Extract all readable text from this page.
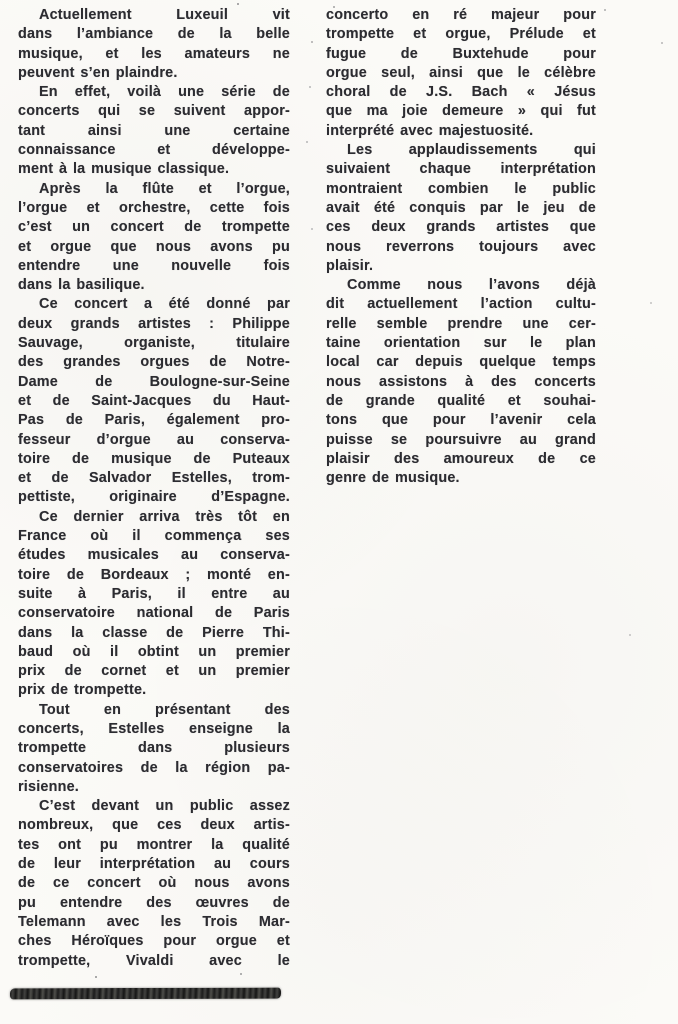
Actuellement Luxeuil vit
dans l’ambiance de la belle
musique, et les amateurs ne
peuvent s’en plaindre.
En effet, voilà une série de
concerts qui se suivent appor-
tant ainsi une certaine
connaissance et développe-
ment à la musique classique.
Après la flûte et l’orgue,
l’orgue et orchestre, cette fois
c’est un concert de trompette
et orgue que nous avons pu
entendre une nouvelle fois
dans la basilique.
Ce concert a été donné par
deux grands artistes : Philippe
Sauvage, organiste, titulaire
des grandes orgues de Notre-
Dame de Boulogne-sur-Seine
et de Saint-Jacques du Haut-
Pas de Paris, également pro-
fesseur d’orgue au conserva-
toire de musique de Puteaux
et de Salvador Estelles, trom-
pettiste, originaire d’Espagne.
Ce dernier arriva très tôt en
France où il commença ses
études musicales au conserva-
toire de Bordeaux ; monté en-
suite à Paris, il entre au
conservatoire national de Paris
dans la classe de Pierre Thi-
baud où il obtint un premier
prix de cornet et un premier
prix de trompette.
Tout en présentant des
concerts, Estelles enseigne la
trompette dans plusieurs
conservatoires de la région pa-
risienne.
C’est devant un public assez
nombreux, que ces deux artis-
tes ont pu montrer la qualité
de leur interprétation au cours
de ce concert où nous avons
pu entendre des œuvres de
Telemann avec les Trois Mar-
ches Héroïques pour orgue et
trompette, Vivaldi avec le
concerto en ré majeur pour
trompette et orgue, Prélude et
fugue de Buxtehude pour
orgue seul, ainsi que le célèbre
choral de J.S. Bach « Jésus
que ma joie demeure » qui fut
interprété avec majestuosité.
Les applaudissements qui
suivaient chaque interprétation
montraient combien le public
avait été conquis par le jeu de
ces deux grands artistes que
nous reverrons toujours avec
plaisir.
Comme nous l’avons déjà
dit actuellement l’action cultu-
relle semble prendre une cer-
taine orientation sur le plan
local car depuis quelque temps
nous assistons à des concerts
de grande qualité et souhai-
tons que pour l’avenir cela
puisse se poursuivre au grand
plaisir des amoureux de ce
genre de musique.
